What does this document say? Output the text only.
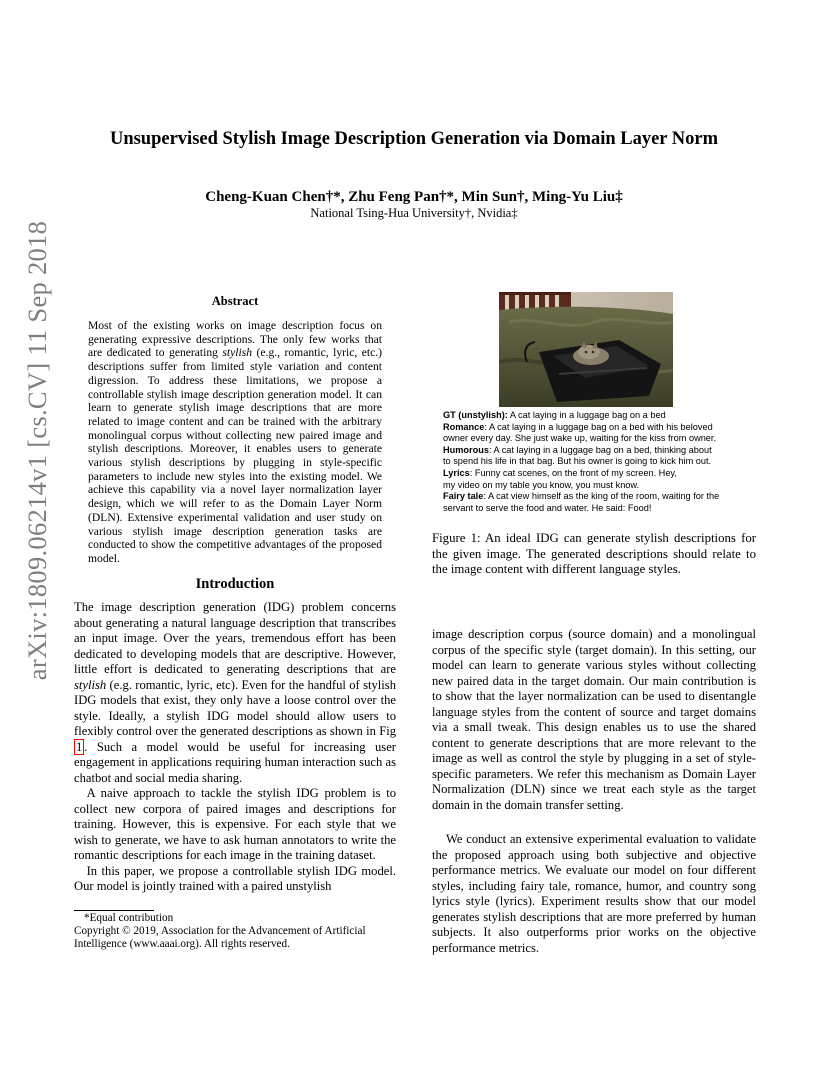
arXiv:1809.06214v1 [cs.CV] 11 Sep 2018
Unsupervised Stylish Image Description Generation via Domain Layer Norm
Cheng-Kuan Chen†*, Zhu Feng Pan†*, Min Sun†, Ming-Yu Liu‡
National Tsing-Hua University†, Nvidia‡
Abstract
Most of the existing works on image description focus on generating expressive descriptions. The only few works that are dedicated to generating stylish (e.g., romantic, lyric, etc.) descriptions suffer from limited style variation and content digression. To address these limitations, we propose a controllable stylish image description generation model. It can learn to generate stylish image descriptions that are more related to image content and can be trained with the arbitrary monolingual corpus without collecting new paired image and stylish descriptions. Moreover, it enables users to generate various stylish descriptions by plugging in style-specific parameters to include new styles into the existing model. We achieve this capability via a novel layer normalization layer design, which we will refer to as the Domain Layer Norm (DLN). Extensive experimental validation and user study on various stylish image description generation tasks are conducted to show the competitive advantages of the proposed model.
Introduction

The image description generation (IDG) problem concerns about generating a natural language description that transcribes an input image. Over the years, tremendous effort has been dedicated to developing models that are descriptive. However, little effort is dedicated to generating descriptions that are stylish (e.g. romantic, lyric, etc). Even for the handful of stylish IDG models that exist, they only have a loose control over the style. Ideally, a stylish IDG model should allow users to flexibly control over the generated descriptions as shown in Fig 1 . Such a model would be useful for increasing user engagement in applications requiring human interaction such as chatbot and social media sharing.

A naive approach to tackle the stylish IDG problem is to collect new corpora of paired images and descriptions for training. However, this is expensive. For each style that we wish to generate, we have to ask human annotators to write the romantic descriptions for each image in the training dataset.

In this paper, we propose a controllable stylish IDG model. Our model is jointly trained with a paired unstylish

*Equal contribution
Copyright © 2019, Association for the Advancement of Artificial Intelligence (www.aaai.org). All rights reserved.
GT (unstylish): A cat laying in a luggage bag on a bed
Romance: A cat laying in a luggage bag on a bed with his beloved
owner every day. She just wake up, waiting for the kiss from owner.
Humorous: A cat laying in a luggage bag on a bed, thinking about
to spend his life in that bag. But his owner is going to kick him out.
Lyrics: Funny cat scenes, on the front of my screen. Hey,
my video on my table you know, you must know.
Fairy tale: A cat view himself as the king of the room, waiting for the
servant to serve the food and water. He said: Food!
Figure 1: An ideal IDG can generate stylish descriptions for the given image. The generated descriptions should relate to the image content with different language styles.
image description corpus (source domain) and a monolingual corpus of the specific style (target domain). In this setting, our model can learn to generate various styles without collecting new paired data in the target domain. Our main contribution is to show that the layer normalization can be used to disentangle language styles from the content of source and target domains via a small tweak. This design enables us to use the shared content to generate descriptions that are more relevant to the image as well as control the style by plugging in a set of style-specific parameters. We refer this mechanism as Domain Layer Normalization (DLN) since we treat each style as the target domain in the domain transfer setting.
We conduct an extensive experimental evaluation to validate the proposed approach using both subjective and objective performance metrics. We evaluate our model on four different styles, including fairy tale, romance, humor, and country song lyrics style (lyrics). Experiment results show that our model generates stylish descriptions that are more preferred by human subjects. It also outperforms prior works on the objective performance metrics.
